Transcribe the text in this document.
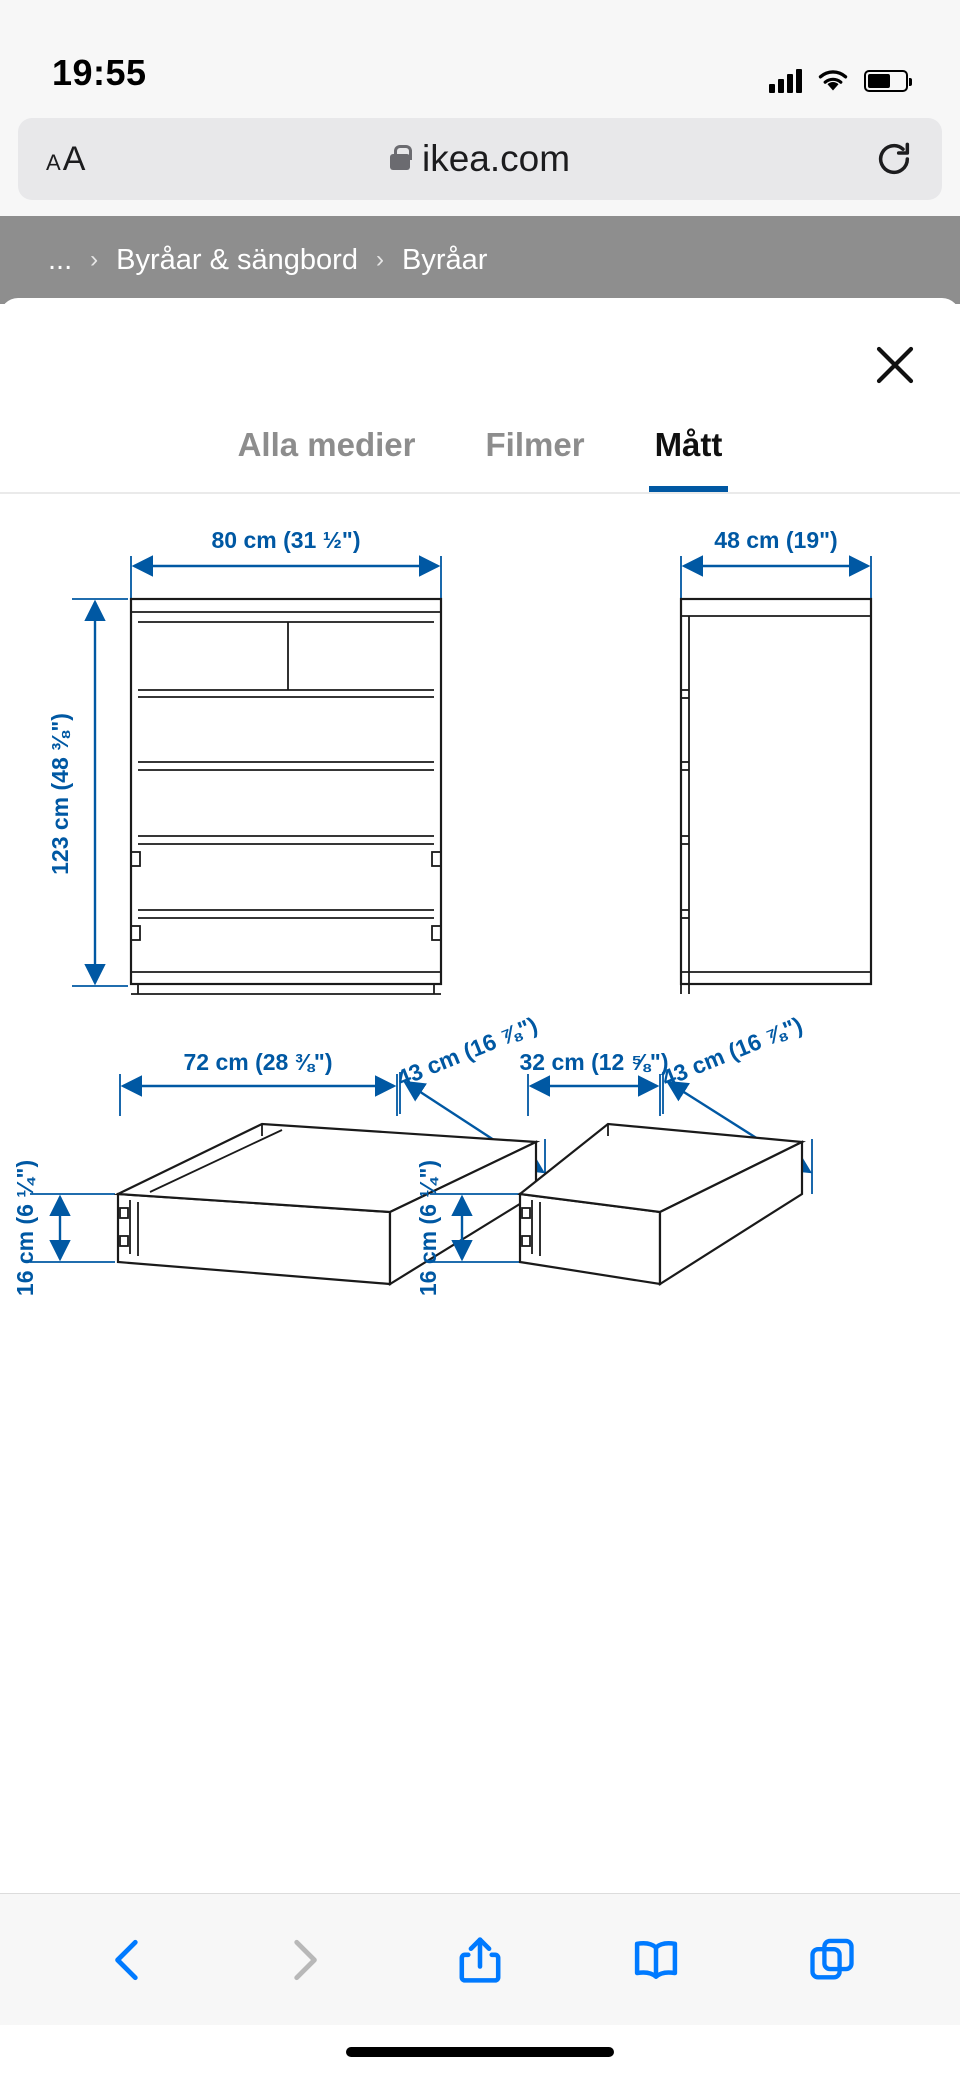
19:55
A A	ikea.com
... › Byråar & sängbord › Byråar
Alla medier Filmer Mått
80 cm (31 ½")
123 cm (48 ⅜")
48 cm (19")
72 cm (28 ⅜")	43 cm (16 ⅞")
16 cm (6 ¼")
32 cm (12 ⅝")
43 cm (16 ⅞")
16 cm (6 ¼")
